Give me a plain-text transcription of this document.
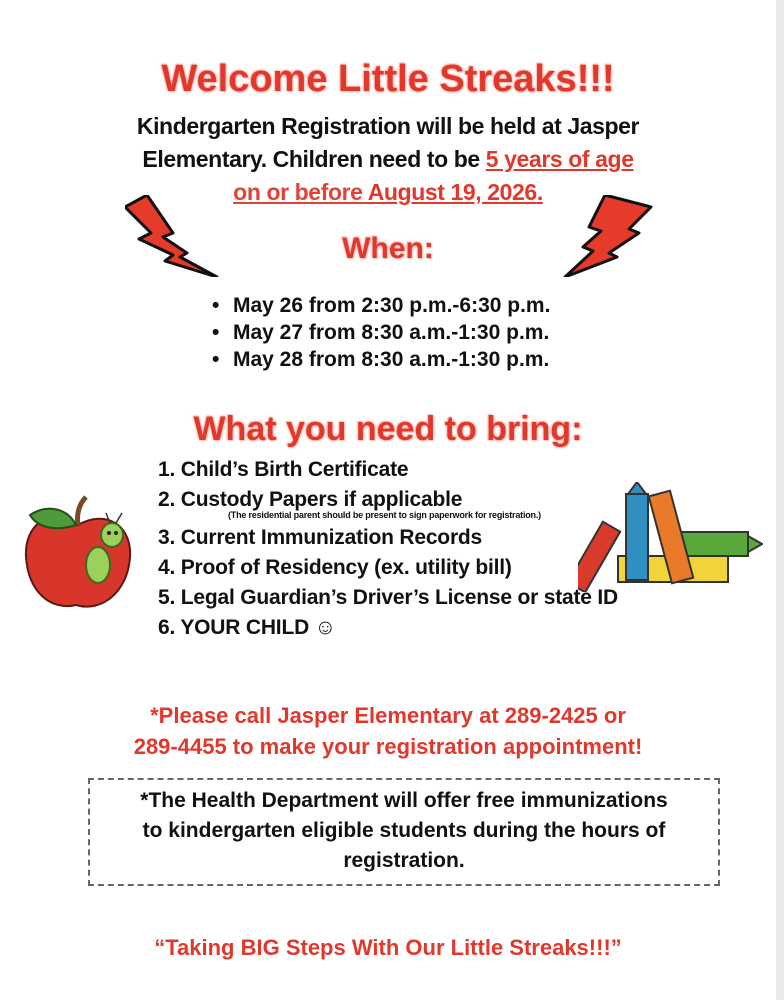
Welcome Little Streaks!!!
Kindergarten Registration will be held at Jasper
Elementary. Children need to be 5 years of age
on or before August 19, 2026.
When:
• May 26 from 2:30 p.m.-6:30 p.m.
• May 27 from 8:30 a.m.-1:30 p.m.
• May 28 from 8:30 a.m.-1:30 p.m.
What you need to bring:
1. Child’s Birth Certificate
2. Custody Papers if applicable
(The residential parent should be present to sign paperwork for registration.)
3. Current Immunization Records
4. Proof of Residency (ex. utility bill)
5. Legal Guardian’s Driver’s License or state ID
6. YOUR CHILD ☺
*Please call Jasper Elementary at 289-2425 or
289-4455 to make your registration appointment!
*The Health Department will offer free immunizations
to kindergarten eligible students during the hours of
registration.
“Taking BIG Steps With Our Little Streaks!!!”
